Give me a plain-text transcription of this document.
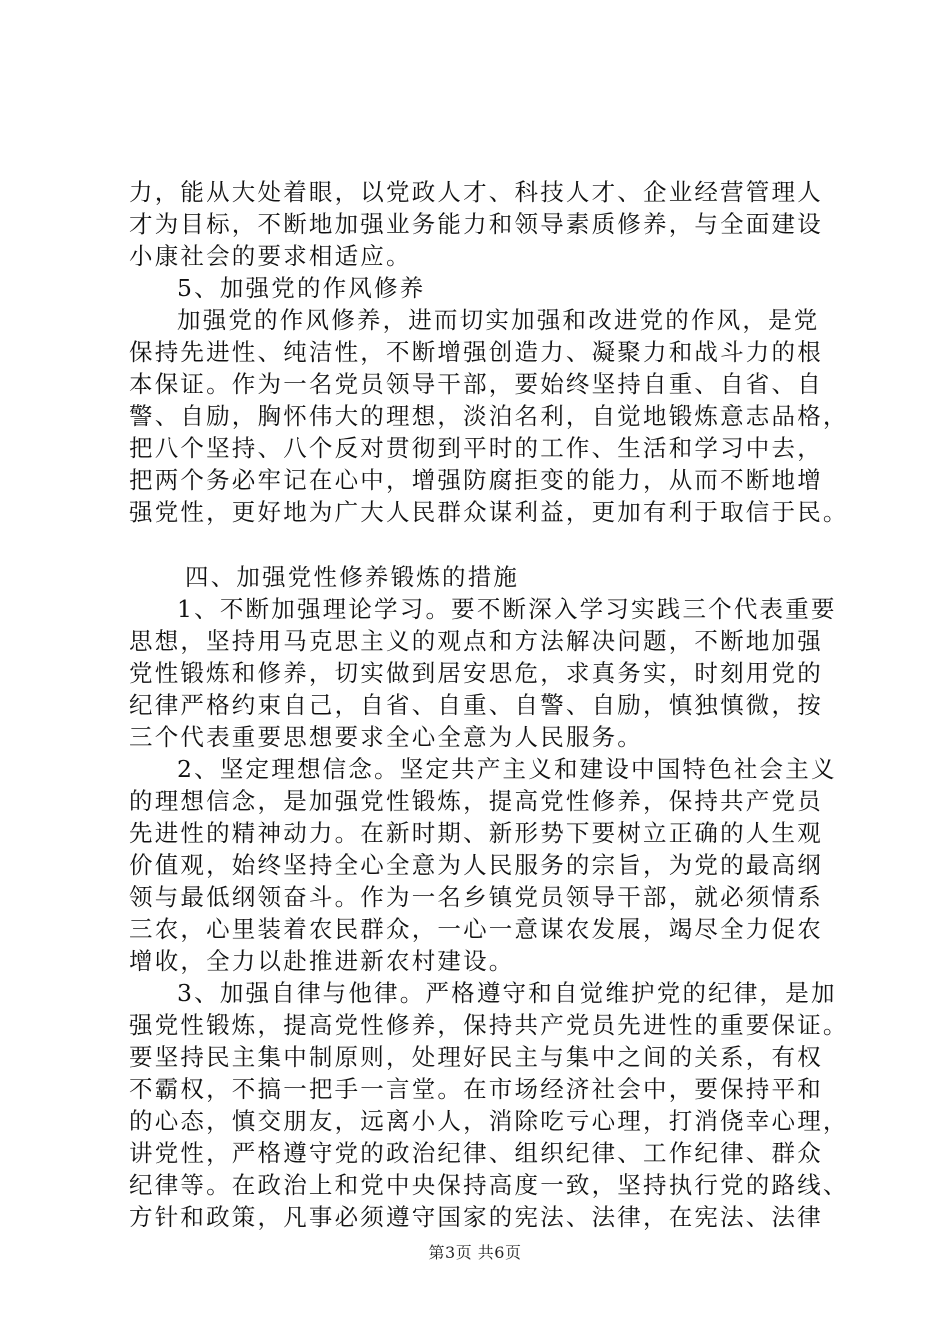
力，能从大处着眼，以党政人才、科技人才、企业经营管理人
才为目标，不断地加强业务能力和领导素质修养，与全面建设
小康社会的要求相适应。
5、加强党的作风修养
加强党的作风修养，进而切实加强和改进党的作风，是党
保持先进性、纯洁性，不断增强创造力、凝聚力和战斗力的根
本保证。作为一名党员领导干部，要始终坚持自重、自省、自
警、自励，胸怀伟大的理想，淡泊名利，自觉地锻炼意志品格，
把八个坚持、八个反对贯彻到平时的工作、生活和学习中去，
把两个务必牢记在心中，增强防腐拒变的能力，从而不断地增
强党性，更好地为广大人民群众谋利益，更加有利于取信于民。
四、加强党性修养锻炼的措施
1、不断加强理论学习。要不断深入学习实践三个代表重要
思想，坚持用马克思主义的观点和方法解决问题，不断地加强
党性锻炼和修养，切实做到居安思危，求真务实，时刻用党的
纪律严格约束自己，自省、自重、自警、自励，慎独慎微，按
三个代表重要思想要求全心全意为人民服务。
2、坚定理想信念。坚定共产主义和建设中国特色社会主义
的理想信念，是加强党性锻炼，提高党性修养，保持共产党员
先进性的精神动力。在新时期、新形势下要树立正确的人生观
价值观，始终坚持全心全意为人民服务的宗旨，为党的最高纲
领与最低纲领奋斗。作为一名乡镇党员领导干部，就必须情系
三农，心里装着农民群众，一心一意谋农发展，竭尽全力促农
增收，全力以赴推进新农村建设。
3、加强自律与他律。严格遵守和自觉维护党的纪律，是加
强党性锻炼，提高党性修养，保持共产党员先进性的重要保证。
要坚持民主集中制原则，处理好民主与集中之间的关系，有权
不霸权，不搞一把手一言堂。在市场经济社会中，要保持平和
的心态，慎交朋友，远离小人，消除吃亏心理，打消侥幸心理，
讲党性，严格遵守党的政治纪律、组织纪律、工作纪律、群众
纪律等。在政治上和党中央保持高度一致，坚持执行党的路线、
方针和政策，凡事必须遵守国家的宪法、法律，在宪法、法律
第3页 共6页
